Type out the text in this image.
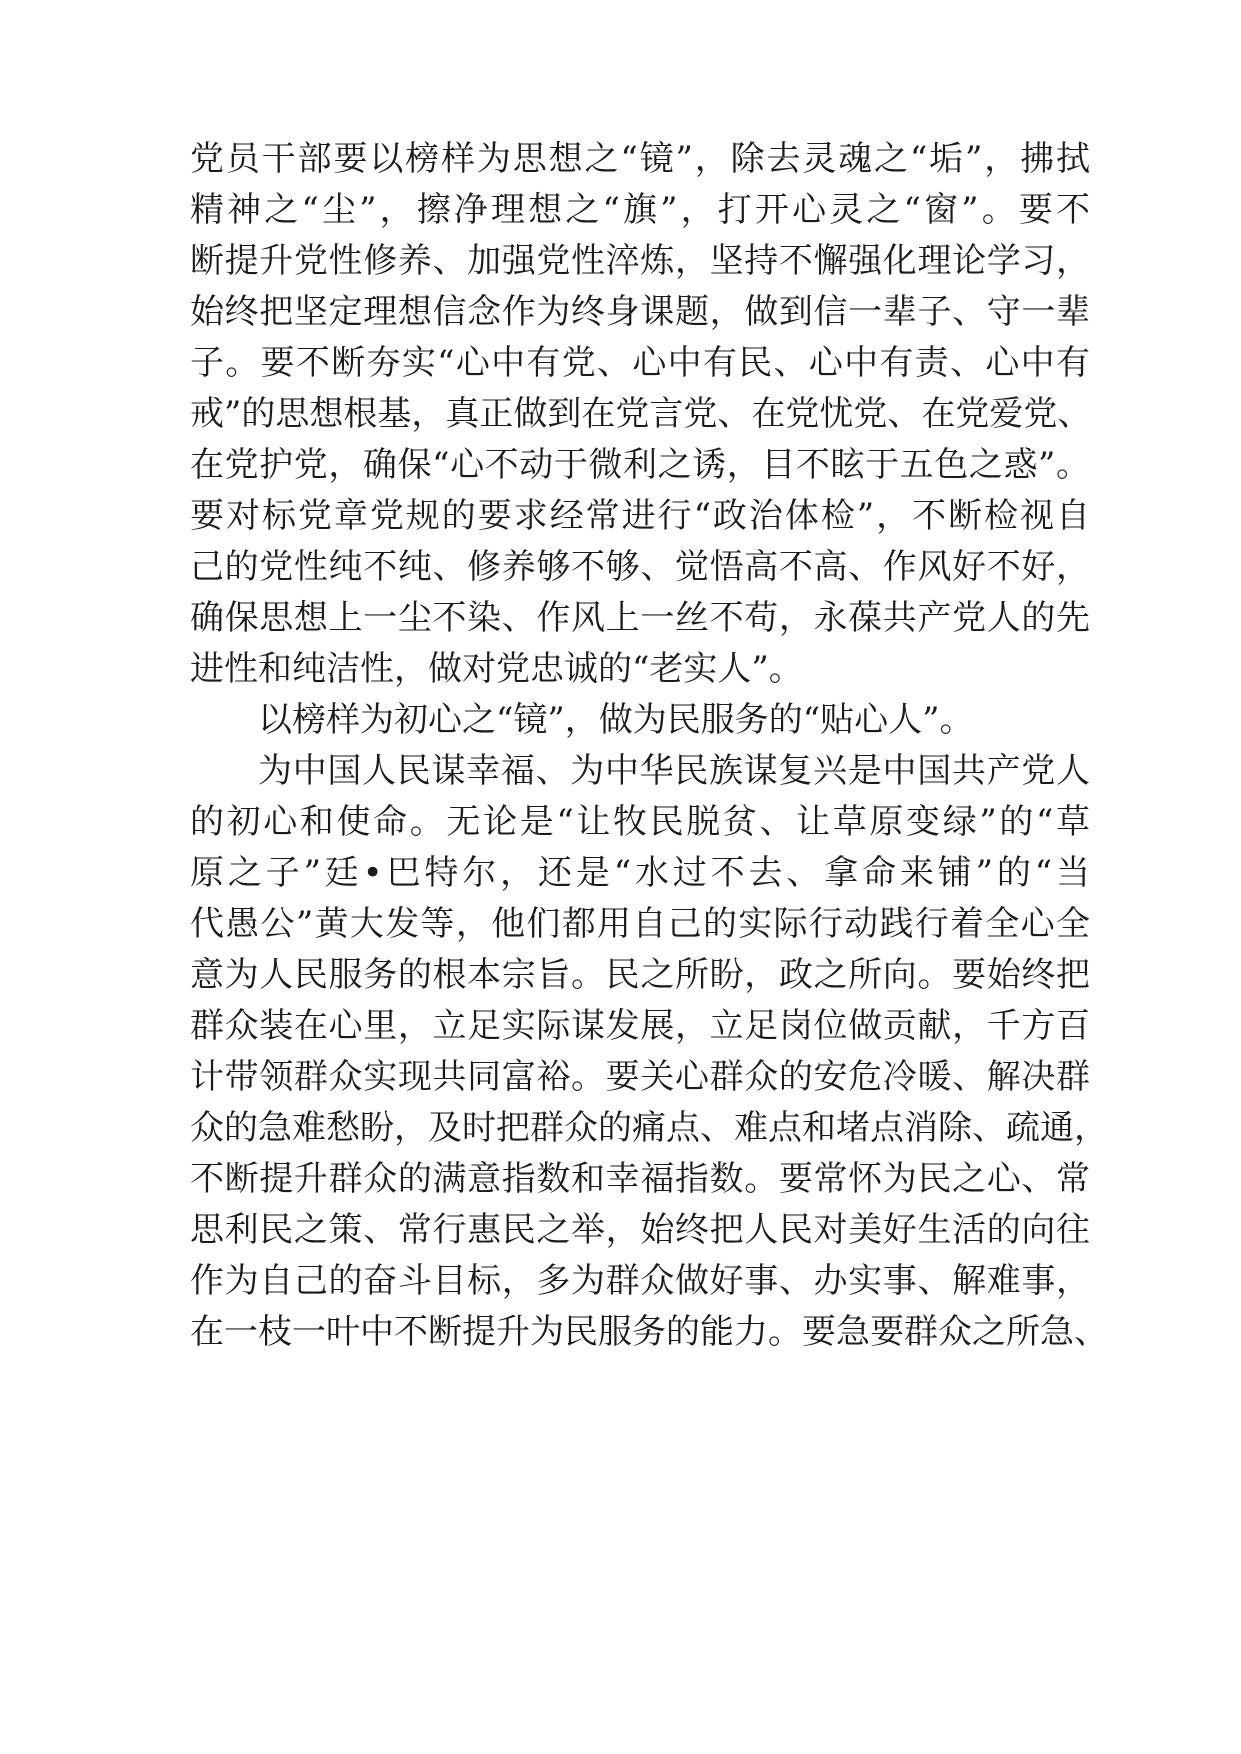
党员干部要以榜样为思想之“镜”，除去灵魂之“垢”，拂拭
精神之“尘”，擦净理想之“旗”，打开心灵之“窗”。要不
断提升党性修养、加强党性淬炼，坚持不懈强化理论学习，
始终把坚定理想信念作为终身课题，做到信一辈子、守一辈
子。要不断夯实“心中有党、心中有民、心中有责、心中有
戒”的思想根基，真正做到在党言党、在党忧党、在党爱党、
在党护党，确保“心不动于微利之诱，目不眩于五色之惑”。
要对标党章党规的要求经常进行“政治体检”，不断检视自
己的党性纯不纯、修养够不够、觉悟高不高、作风好不好，
确保思想上一尘不染、作风上一丝不苟，永葆共产党人的先
进性和纯洁性，做对党忠诚的“老实人”。
以榜样为初心之“镜”，做为民服务的“贴心人”。
为中国人民谋幸福、为中华民族谋复兴是中国共产党人
的初心和使命。无论是“让牧民脱贫、让草原变绿”的“草
原之子”廷•巴特尔，还是“水过不去、拿命来铺”的“当
代愚公”黄大发等，他们都用自己的实际行动践行着全心全
意为人民服务的根本宗旨。民之所盼，政之所向。要始终把
群众装在心里，立足实际谋发展，立足岗位做贡献，千方百
计带领群众实现共同富裕。要关心群众的安危冷暖、解决群
众的急难愁盼，及时把群众的痛点、难点和堵点消除、疏通，
不断提升群众的满意指数和幸福指数。要常怀为民之心、常
思利民之策、常行惠民之举，始终把人民对美好生活的向往
作为自己的奋斗目标，多为群众做好事、办实事、解难事，
在一枝一叶中不断提升为民服务的能力。要急要群众之所急、
